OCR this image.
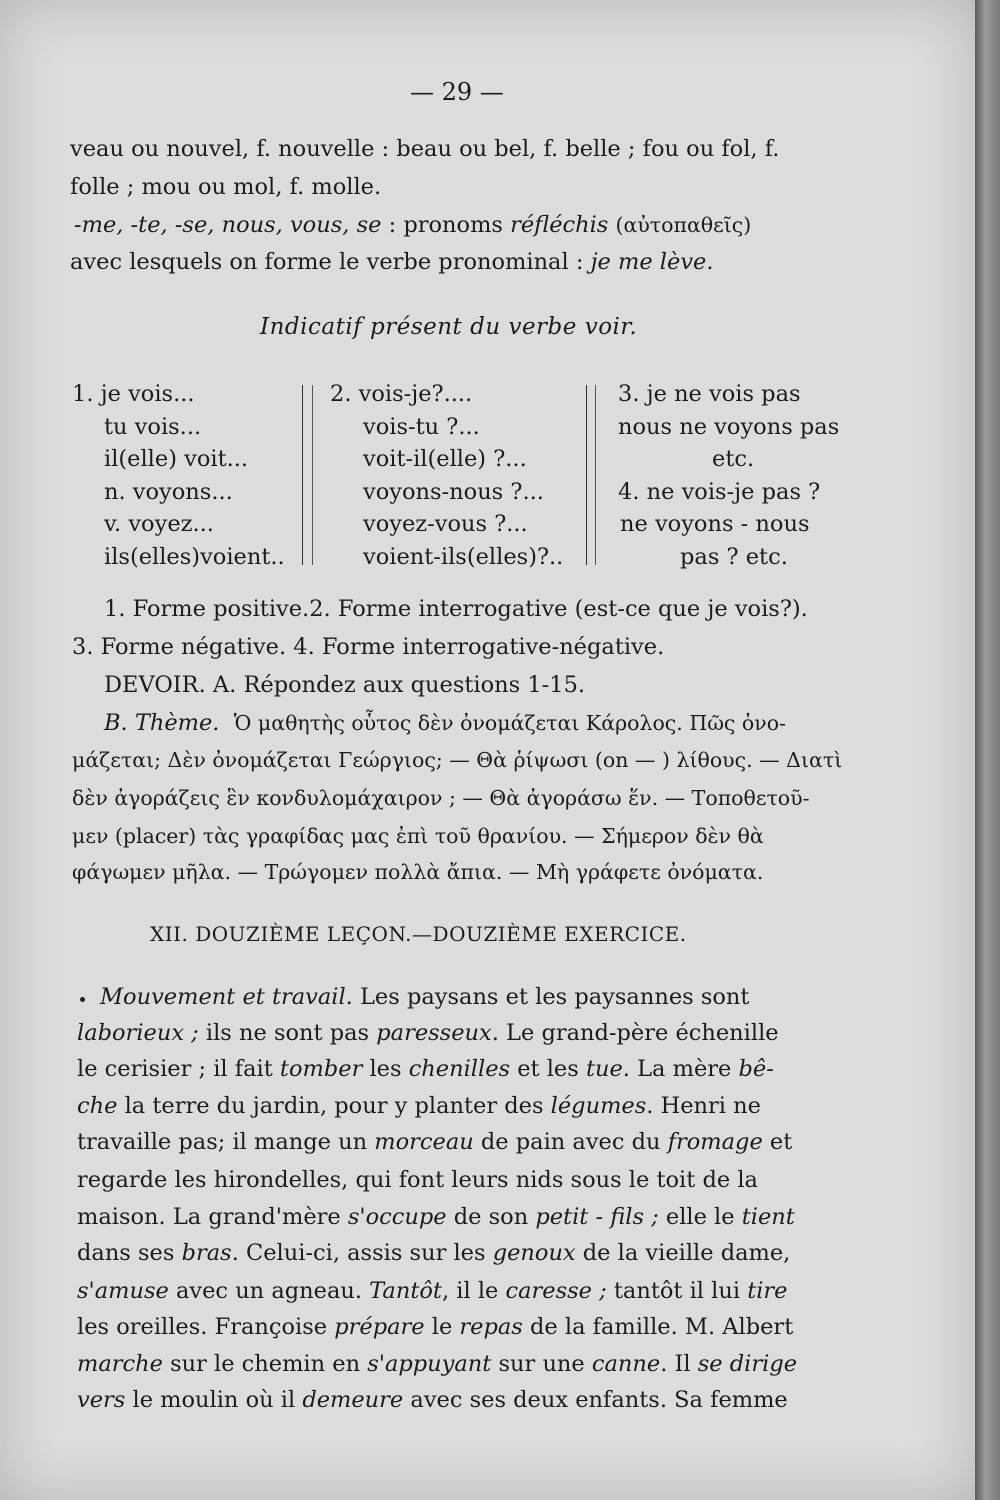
— 29 —
veau ou nouvel, f. nouvelle : beau ou bel, f. belle ; fou ou fol, f.
folle ; mou ou mol, f. molle.
-me, -te, -se, nous, vous, se : pronoms réfléchis (αὐτοπαθεῖς)
avec lesquels on forme le verbe pronominal : je me lève.
Indicatif présent du verbe voir.
1. je vois...
tu vois...
il(elle) voit...
n. voyons...
v. voyez...
ils(elles)voient..
2. vois-je?....
vois-tu ?...
voit-il(elle) ?...
voyons-nous ?...
voyez-vous ?...
voient-ils(elles)?..
3. je ne vois pas
nous ne voyons pas
etc.
4. ne vois-je pas ?
ne voyons - nous
pas ? etc.
1. Forme positive.2. Forme interrogative (est-ce que je vois?).
3. Forme négative. 4. Forme interrogative-négative.
DEVOIR. A. Répondez aux questions 1-15.
B. Thème. Ὁ μαθητὴς οὗτος δὲν ὀνομάζεται Κάρολος. Πῶς ὀνο-
μάζεται; Δὲν ὀνομάζεται Γεώργιος; — Θὰ ῥίψωσι (on — ) λίθους. — Διατὶ
δὲν ἀγοράζεις ἓν κονδυλομάχαιρον ; — Θὰ ἀγοράσω ἕν. — Τοποθετοῦ-
μεν (placer) τὰς γραφίδας μας ἐπὶ τοῦ θρανίου. — Σήμερον δὲν θὰ
φάγωμεν μῆλα. — Τρώγομεν πολλὰ ἄπια. — Μὴ γράφετε ὀνόματα.
XII. DOUZIÈME LEÇON.—DOUZIÈME EXERCICE.
Mouvement et travail. Les paysans et les paysannes sont
laborieux ; ils ne sont pas paresseux. Le grand-père échenille
le cerisier ; il fait tomber les chenilles et les tue. La mère bê-
che la terre du jardin, pour y planter des légumes. Henri ne
travaille pas; il mange un morceau de pain avec du fromage et
regarde les hirondelles, qui font leurs nids sous le toit de la
maison. La grand'mère s'occupe de son petit - fils ; elle le tient
dans ses bras. Celui-ci, assis sur les genoux de la vieille dame,
s'amuse avec un agneau. Tantôt, il le caresse ; tantôt il lui tire
les oreilles. Françoise prépare le repas de la famille. M. Albert
marche sur le chemin en s'appuyant sur une canne. Il se dirige
vers le moulin où il demeure avec ses deux enfants. Sa femme
